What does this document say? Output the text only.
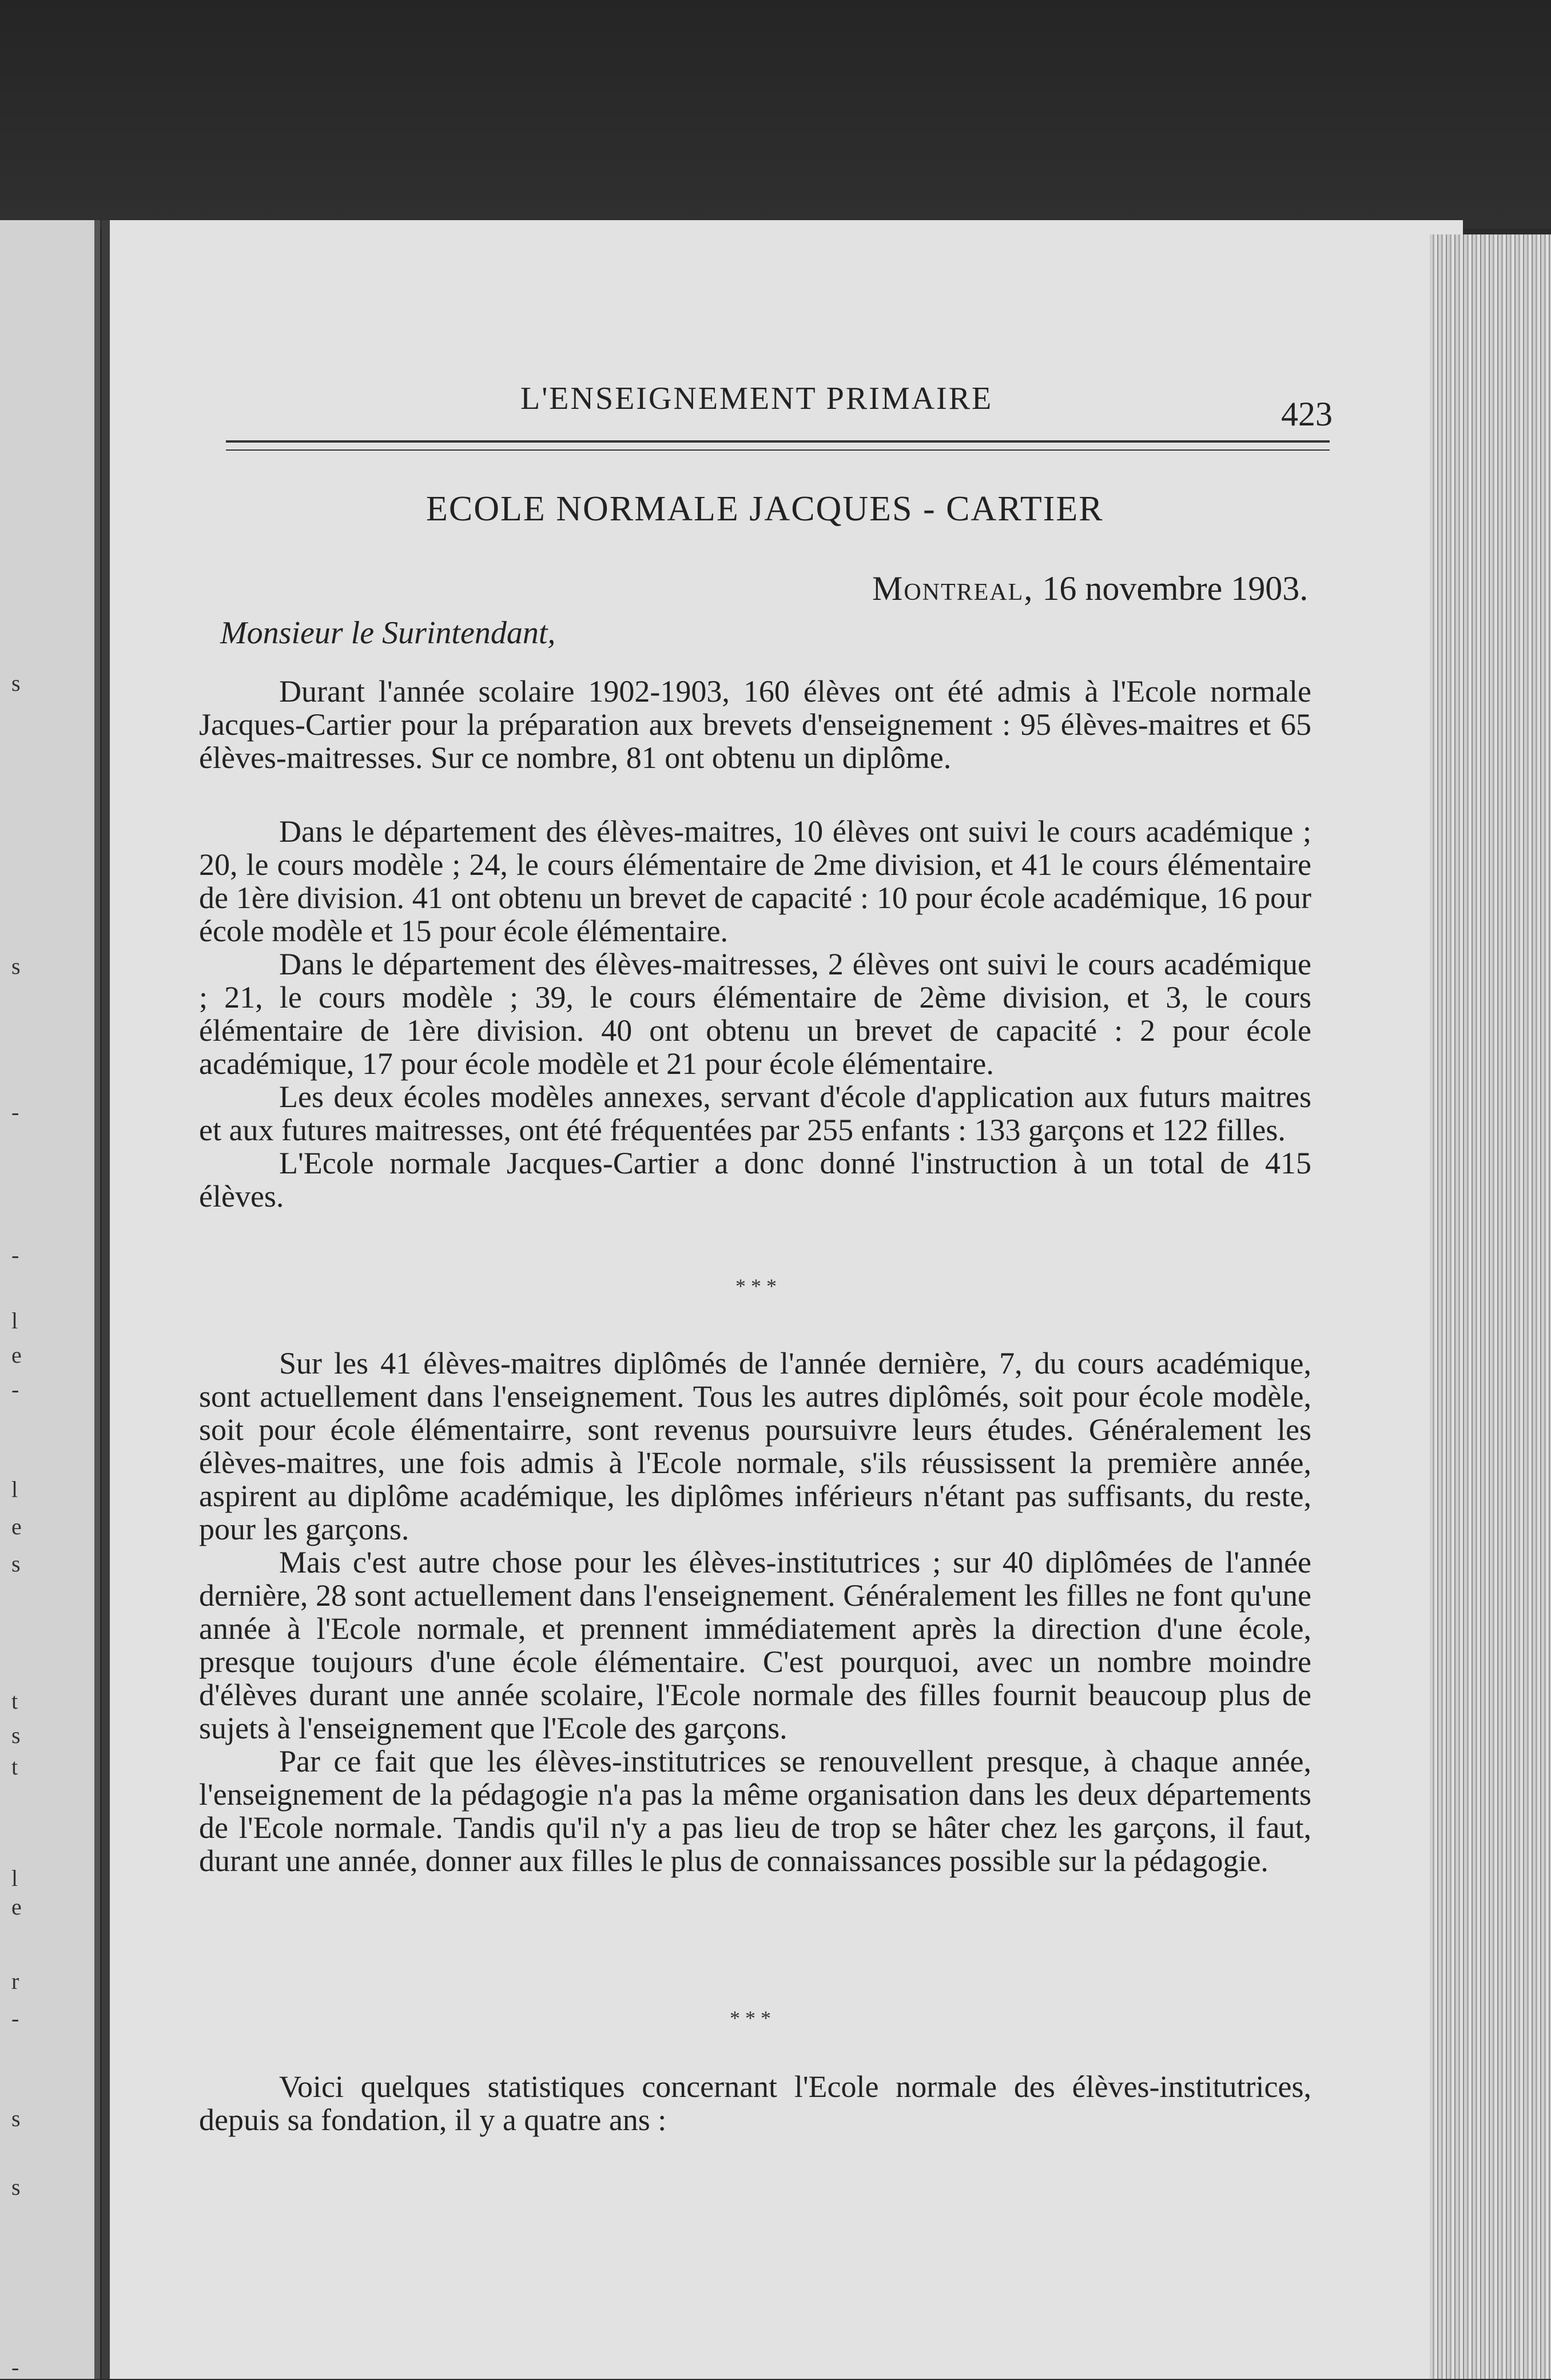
s
s
-
-
l
e
-
l
e
s
t
s
t
l
e
r
-
s
s
-
L'ENSEIGNEMENT PRIMAIRE	423
ECOLE NORMALE JACQUES - CARTIER
Montreal, 16 novembre 1903.
Monsieur le Surintendant,

Durant l'année scolaire 1902-1903, 160 élèves ont été admis à l'Ecole normale Jacques-Cartier pour la préparation aux brevets d'enseignement : 95 élèves-maitres et 65 élèves-maitresses. Sur ce nombre, 81 ont obtenu un diplôme.

Dans le département des élèves-maitres, 10 élèves ont suivi le cours académique ; 20, le cours modèle ; 24, le cours élémentaire de 2me division, et 41 le cours élémentaire de 1ère division. 41 ont obtenu un brevet de capacité : 10 pour école académique, 16 pour école modèle et 15 pour école élémentaire.

Dans le département des élèves-maitresses, 2 élèves ont suivi le cours académique ; 21, le cours modèle ; 39, le cours élémentaire de 2ème division, et 3, le cours élémentaire de 1ère division. 40 ont obtenu un brevet de capacité : 2 pour école académique, 17 pour école modèle et 21 pour école élémentaire.

Les deux écoles modèles annexes, servant d'école d'application aux futurs maitres et aux futures maitresses, ont été fréquentées par 255 enfants : 133 garçons et 122 filles.

L'Ecole normale Jacques-Cartier a donc donné l'instruction à un total de 415 élèves.

* * *

Sur les 41 élèves-maitres diplômés de l'année dernière, 7, du cours académique, sont actuellement dans l'enseignement. Tous les autres diplômés, soit pour école modèle, soit pour école élémentairre, sont revenus poursuivre leurs études. Généralement les élèves-maitres, une fois admis à l'Ecole normale, s'ils réussissent la première année, aspirent au diplôme académique, les diplômes inférieurs n'étant pas suffisants, du reste, pour les garçons.

Mais c'est autre chose pour les élèves-institutrices ; sur 40 diplômées de l'année dernière, 28 sont actuellement dans l'enseignement. Généralement les filles ne font qu'une année à l'Ecole normale, et prennent immédiatement après la direction d'une école, presque toujours d'une école élémentaire. C'est pourquoi, avec un nombre moindre d'élèves durant une année scolaire, l'Ecole normale des filles fournit beaucoup plus de sujets à l'enseignement que l'Ecole des garçons.

Par ce fait que les élèves-institutrices se renouvellent presque, à chaque année, l'enseignement de la pédagogie n'a pas la même organisation dans les deux départements de l'Ecole normale. Tandis qu'il n'y a pas lieu de trop se hâter chez les garçons, il faut, durant une année, donner aux filles le plus de connaissances possible sur la pédagogie.

* * *

Voici quelques statistiques concernant l'Ecole normale des élèves-institutrices, depuis sa fondation, il y a quatre ans :
